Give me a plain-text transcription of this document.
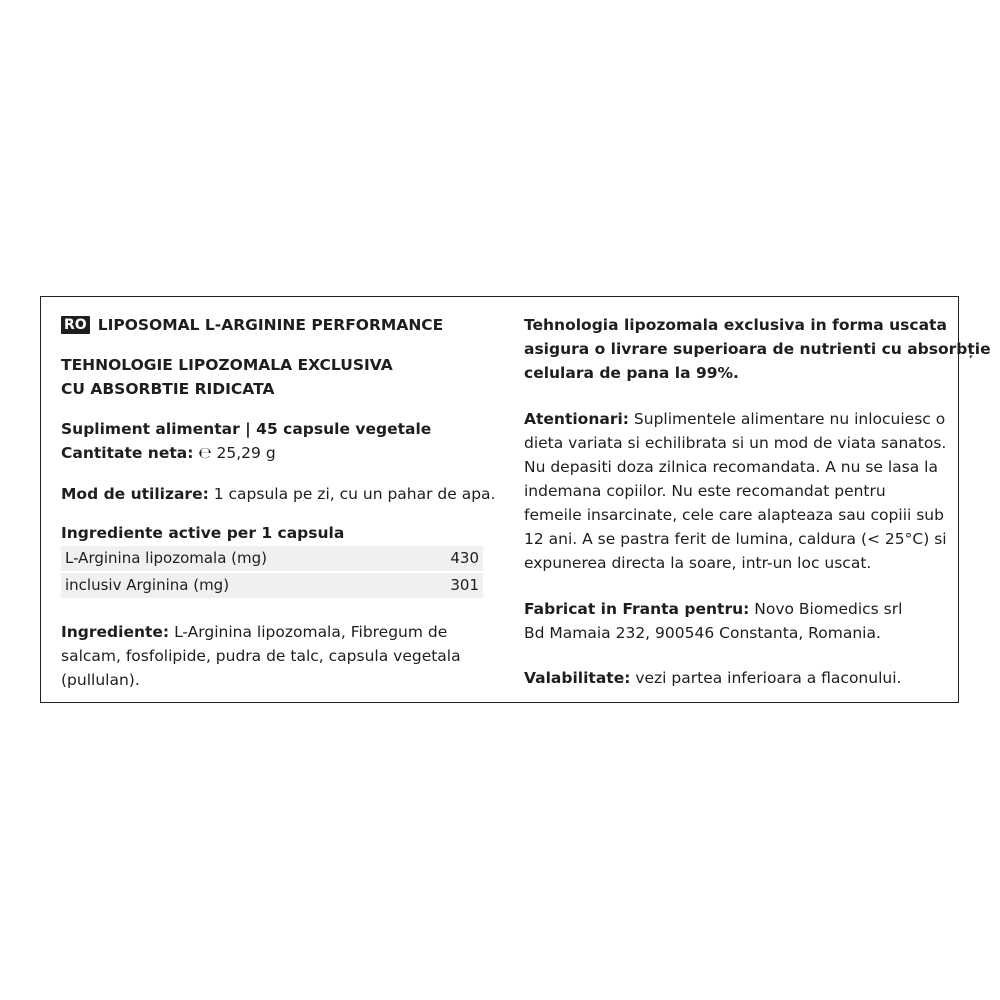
RO LIPOSOMAL L-ARGININE PERFORMANCE
TEHNOLOGIE LIPOZOMALA EXCLUSIVA
CU ABSORBTIE RIDICATA
Supliment alimentar | 45 capsule vegetale
Cantitate neta: ℮ 25,29 g
Mod de utilizare: 1 capsula pe zi, cu un pahar de apa.
Ingrediente active per 1 capsula
L-Arginina lipozomala (mg)	430
inclusiv Arginina (mg)	301
Ingrediente: L-Arginina lipozomala, Fibregum de
salcam, fosfolipide, pudra de talc, capsula vegetala
(pullulan).
Tehnologia lipozomala exclusiva in forma uscata
asigura o livrare superioara de nutrienti cu absorbție
celulara de pana la 99%.
Atentionari: Suplimentele alimentare nu inlocuiesc o
dieta variata si echilibrata si un mod de viata sanatos.
Nu depasiti doza zilnica recomandata. A nu se lasa la
indemana copiilor. Nu este recomandat pentru
femeile insarcinate, cele care alapteaza sau copiii sub
12 ani. A se pastra ferit de lumina, caldura (< 25°C) si
expunerea directa la soare, intr-un loc uscat.
Fabricat in Franta pentru: Novo Biomedics srl
Bd Mamaia 232, 900546 Constanta, Romania.
Valabilitate: vezi partea inferioara a flaconului.
